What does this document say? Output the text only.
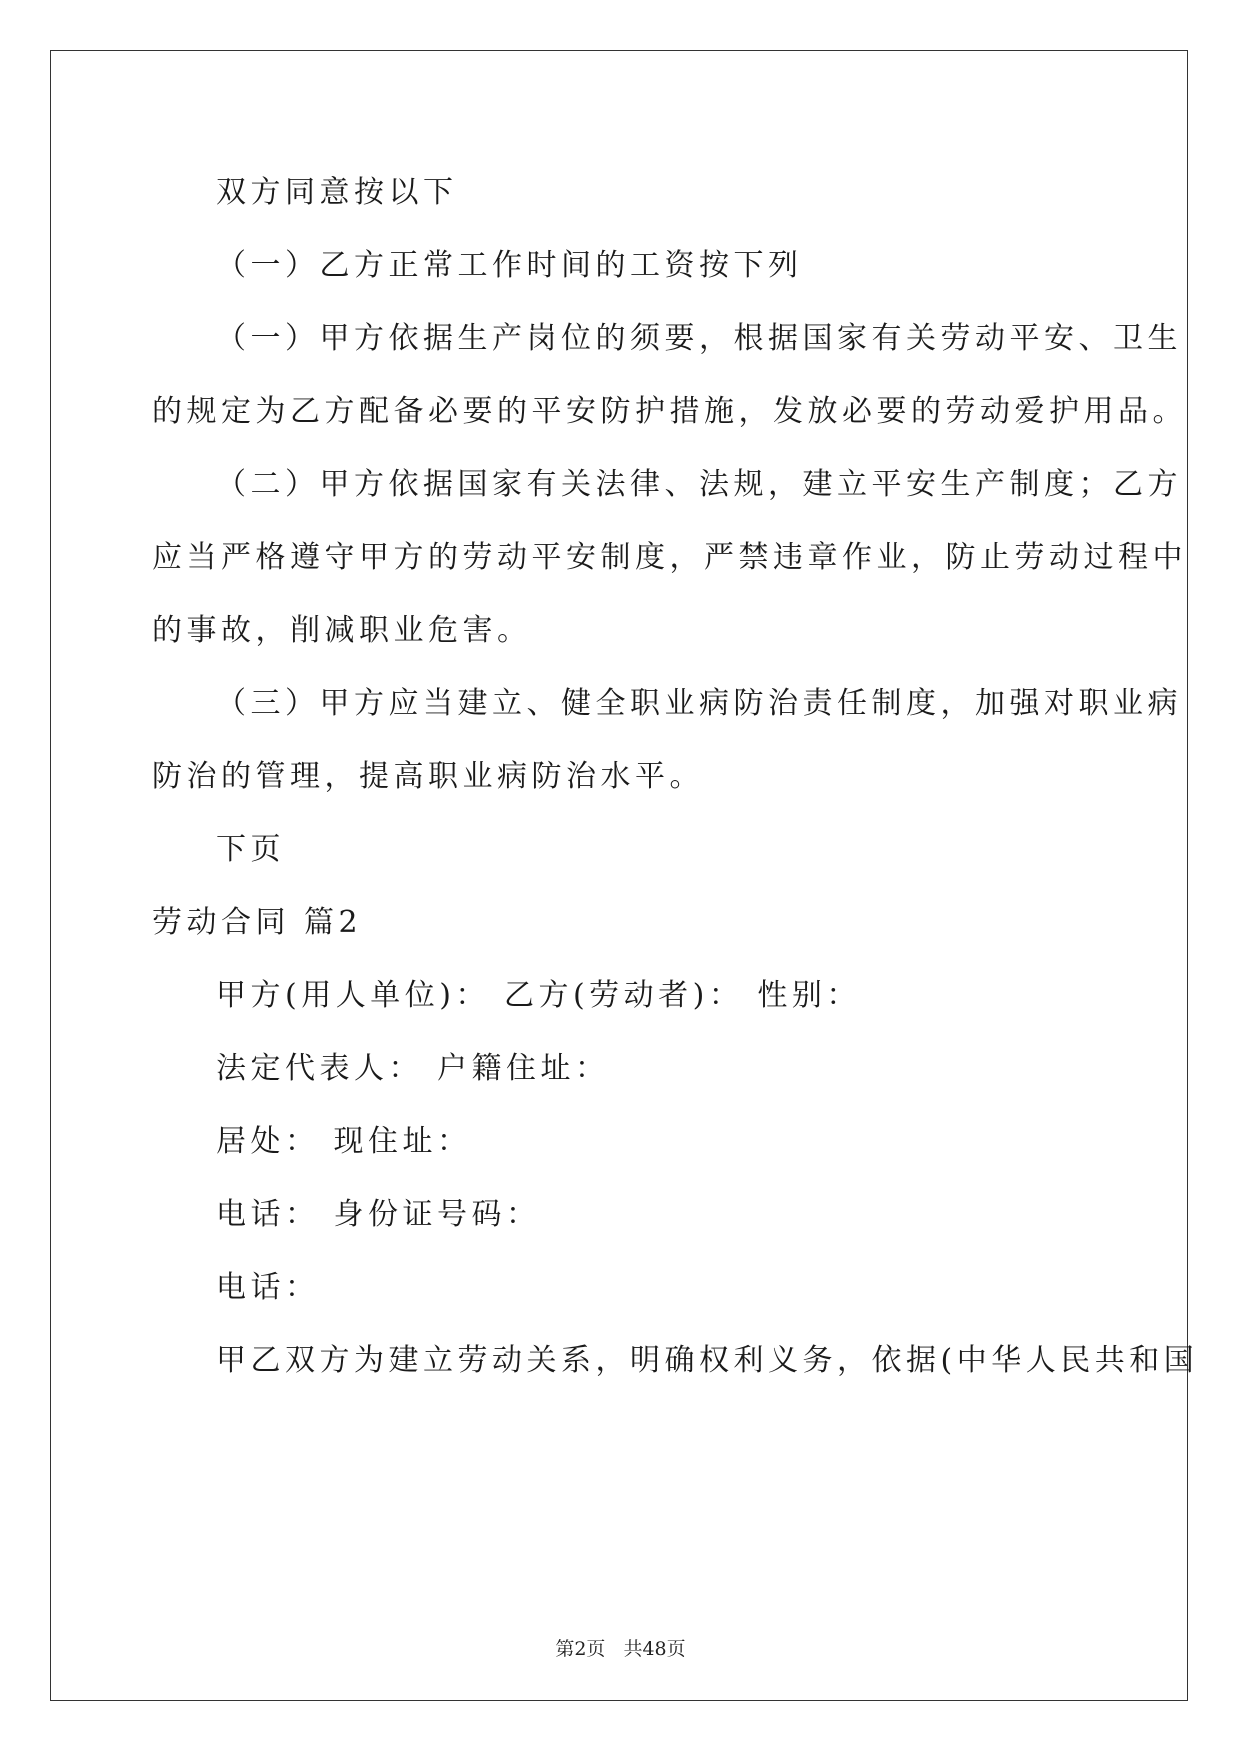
双方同意按以下
（一）乙方正常工作时间的工资按下列
（一）甲方依据生产岗位的须要，根据国家有关劳动平安、卫生
的规定为乙方配备必要的平安防护措施，发放必要的劳动爱护用品。
（二）甲方依据国家有关法律、法规，建立平安生产制度；乙方
应当严格遵守甲方的劳动平安制度，严禁违章作业，防止劳动过程中
的事故，削减职业危害。
（三）甲方应当建立、健全职业病防治责任制度，加强对职业病
防治的管理，提高职业病防治水平。
下页
劳动合同 篇2
甲方(用人单位)： 乙方(劳动者)： 性别：
法定代表人： 户籍住址：
居处： 现住址：
电话： 身份证号码：
电话：
甲乙双方为建立劳动关系，明确权利义务，依据(中华人民共和国
第2页 共48页
